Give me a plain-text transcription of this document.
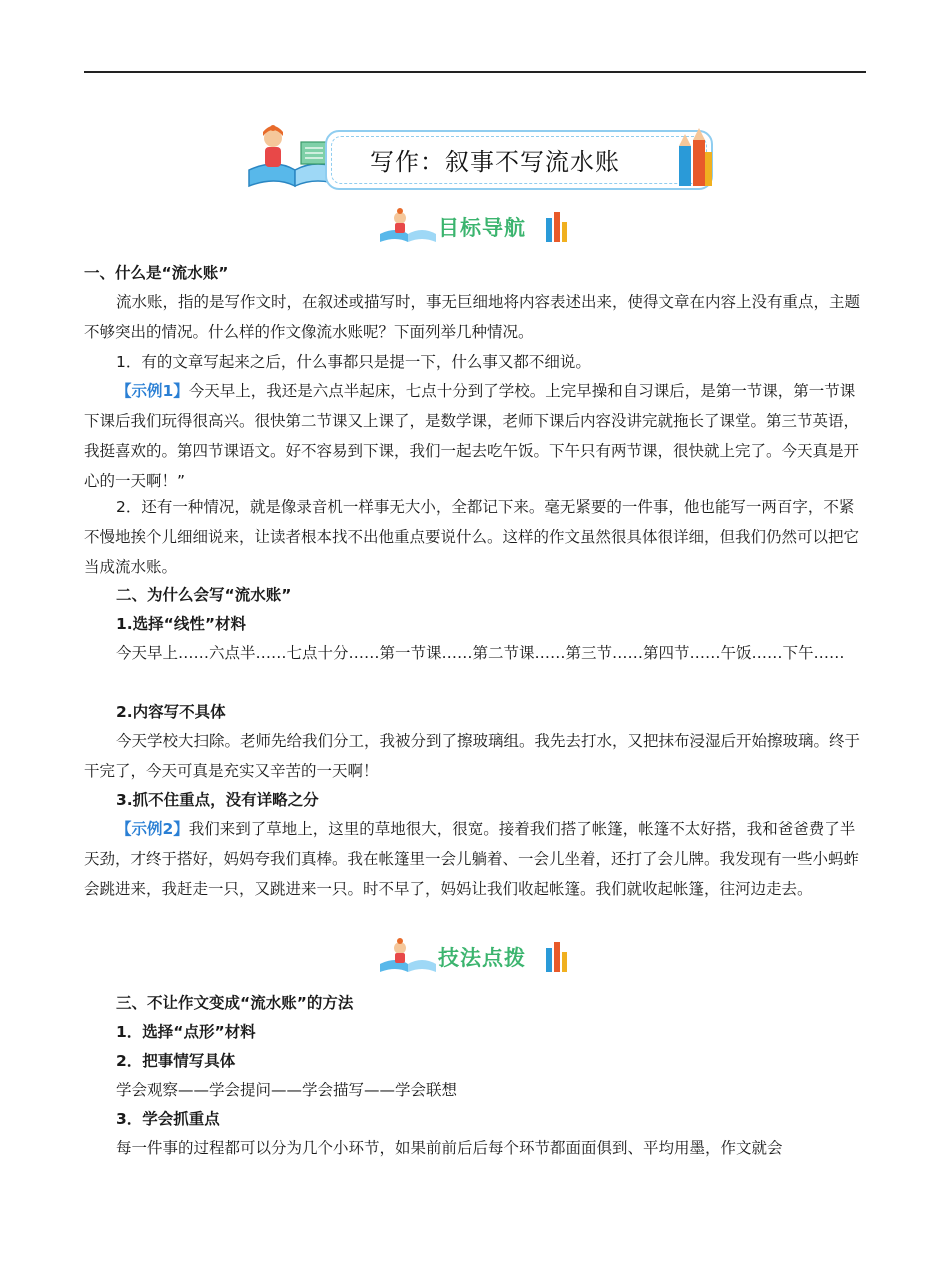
写作：叙事不写流水账
目标导航
一、什么是“流水账”

流水账，指的是写作文时，在叙述或描写时，事无巨细地将内容表述出来，使得文章在内容上没有重点，主题不够突出的情况。什么样的作文像流水账呢？下面列举几种情况。

1．有的文章写起来之后，什么事都只是提一下，什么事又都不细说。

【示例1】今天早上，我还是六点半起床，七点十分到了学校。上完早操和自习课后，是第一节课，第一节课下课后我们玩得很高兴。很快第二节课又上课了，是数学课，老师下课后内容没讲完就拖长了课堂。第三节英语，我挺喜欢的。第四节课语文。好不容易到下课，我们一起去吃午饭。下午只有两节课，很快就上完了。今天真是开心的一天啊！”

2．还有一种情况，就是像录音机一样事无大小，全都记下来。毫无紧要的一件事，他也能写一两百字，不紧不慢地挨个儿细细说来，让读者根本找不出他重点要说什么。这样的作文虽然很具体很详细，但我们仍然可以把它当成流水账。

二、为什么会写“流水账”
1.选择“线性”材料

今天早上……六点半……七点十分……第一节课……第二节课……第三节……第四节……午饭……下午……

2.内容写不具体

今天学校大扫除。老师先给我们分工，我被分到了擦玻璃组。我先去打水，又把抹布浸湿后开始擦玻璃。终于干完了，今天可真是充实又辛苦的一天啊！

3.抓不住重点，没有详略之分

【示例2】我们来到了草地上，这里的草地很大，很宽。接着我们搭了帐篷，帐篷不太好搭，我和爸爸费了半天劲，才终于搭好，妈妈夸我们真棒。我在帐篷里一会儿躺着、一会儿坐着，还打了会儿牌。我发现有一些小蚂蚱会跳进来，我赶走一只，又跳进来一只。时不早了，妈妈让我们收起帐篷。我们就收起帐篷，往河边走去。

技法点拨
三、不让作文变成“流水账”的方法
1．选择“点形”材料
2．把事情写具体
学会观察——学会提问——学会描写——学会联想
3．学会抓重点

每一件事的过程都可以分为几个小环节，如果前前后后每个环节都面面俱到、平均用墨，作文就会
